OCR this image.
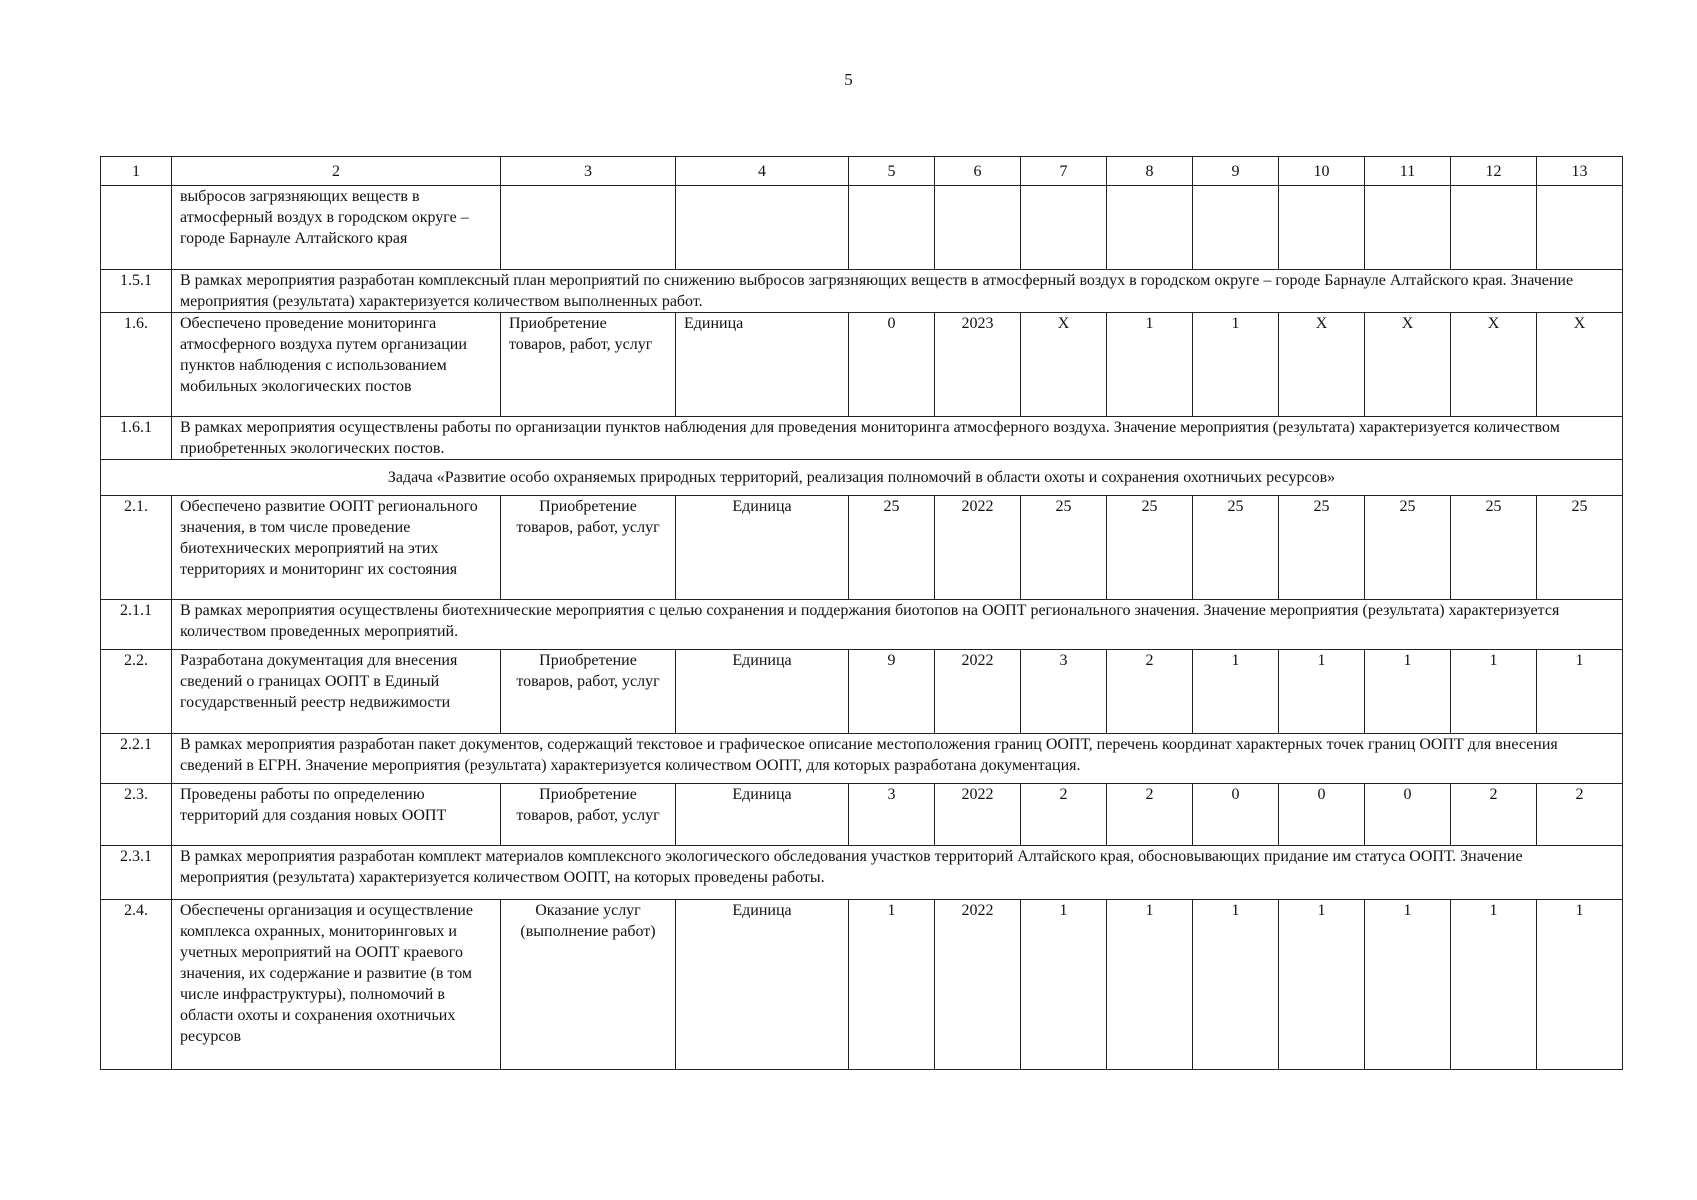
5
1	2	3	4	5	6	7	8	9	10	11	12	13
	выбросов загрязняющих веществ в атмосферный воздух в городском округе – городе Барнауле Алтайского края											
1.5.1	В рамках мероприятия разработан комплексный план мероприятий по снижению выбросов загрязняющих веществ в атмосферный воздух в городском округе – городе Барнауле Алтайского края. Значение мероприятия (результата) характеризуется количеством выполненных работ.											
1.6.	Обеспечено проведение мониторинга атмосферного воздуха путем организации пунктов наблюдения с использованием мобильных экологических постов	Приобретение товаров, работ, услуг	Единица	0	2023	X	1	1	X	X	X	X
1.6.1	В рамках мероприятия осуществлены работы по организации пунктов наблюдения для проведения мониторинга атмосферного воздуха. Значение мероприятия (результата) характеризуется количеством приобретенных экологических постов.											
Задача «Развитие особо охраняемых природных территорий, реализация полномочий в области охоты и сохранения охотничьих ресурсов»												
2.1.	Обеспечено развитие ООПТ регионального значения, в том числе проведение биотехнических мероприятий на этих территориях и мониторинг их состояния	Приобретение товаров, работ, услуг	Единица	25	2022	25	25	25	25	25	25	25
2.1.1	В рамках мероприятия осуществлены биотехнические мероприятия с целью сохранения и поддержания биотопов на ООПТ регионального значения. Значение мероприятия (результата) характеризуется количеством проведенных мероприятий.											
2.2.	Разработана документация для внесения сведений о границах ООПТ в Единый государственный реестр недвижимости	Приобретение товаров, работ, услуг	Единица	9	2022	3	2	1	1	1	1	1
2.2.1	В рамках мероприятия разработан пакет документов, содержащий текстовое и графическое описание местоположения границ ООПТ, перечень координат характерных точек границ ООПТ для внесения сведений в ЕГРН. Значение мероприятия (результата) характеризуется количеством ООПТ, для которых разработана документация.											
2.3.	Проведены работы по определению территорий для создания новых ООПТ	Приобретение товаров, работ, услуг	Единица	3	2022	2	2	0	0	0	2	2
2.3.1	В рамках мероприятия разработан комплект материалов комплексного экологического обследования участков территорий Алтайского края, обосновывающих придание им статуса ООПТ. Значение мероприятия (результата) характеризуется количеством ООПТ, на которых проведены работы.											
2.4.	Обеспечены организация и осуществление комплекса охранных, мониторинговых и учетных мероприятий на ООПТ краевого значения, их содержание и развитие (в том числе инфраструктуры), полномочий в области охоты и сохранения охотничьих ресурсов	Оказание услуг (выполнение работ)	Единица	1	2022	1	1	1	1	1	1	1
